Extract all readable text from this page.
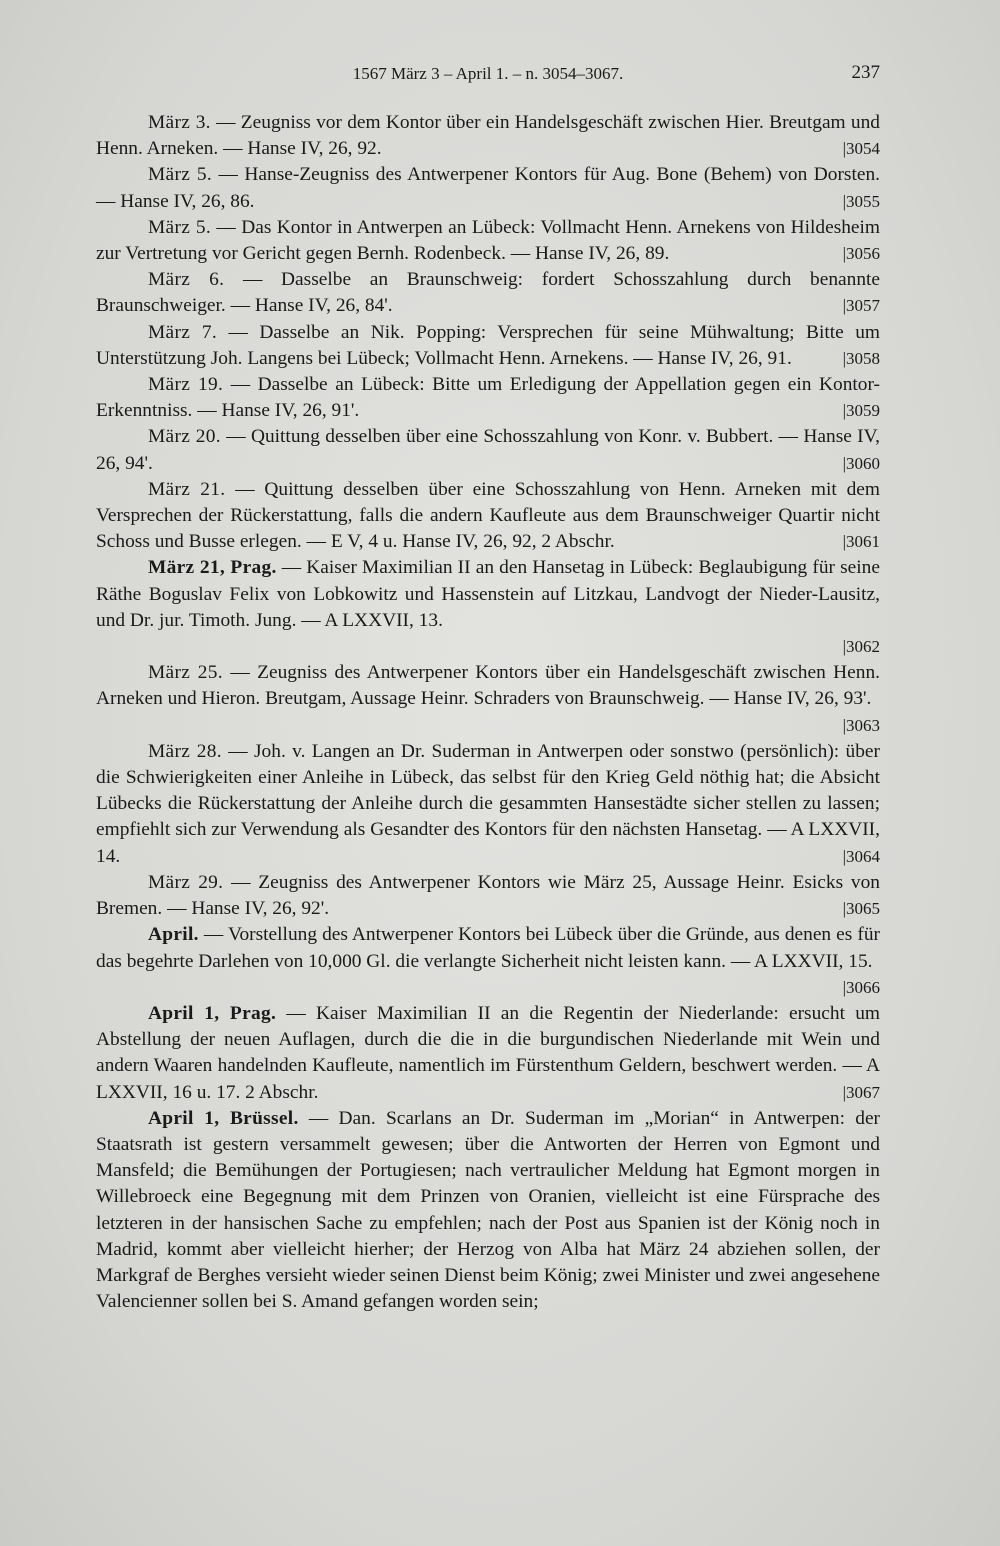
1567 März 3 – April 1. – n. 3054–3067.	237

März 3. — Zeugniss vor dem Kontor über ein Handelsgeschäft zwischen Hier. Breutgam und Henn. Arneken. — Hanse IV, 26, 92.	|3054

März 5. — Hanse-Zeugniss des Antwerpener Kontors für Aug. Bone (Behem) von Dorsten. — Hanse IV, 26, 86.	|3055

März 5. — Das Kontor in Antwerpen an Lübeck: Vollmacht Henn. Arnekens von Hildesheim zur Vertretung vor Gericht gegen Bernh. Rodenbeck. — Hanse IV, 26, 89.	|3056

März 6. — Dasselbe an Braunschweig: fordert Schosszahlung durch benannte Braunschweiger. — Hanse IV, 26, 84'.	|3057

März 7. — Dasselbe an Nik. Popping: Versprechen für seine Mühwaltung; Bitte um Unterstützung Joh. Langens bei Lübeck; Vollmacht Henn. Arnekens. — Hanse IV, 26, 91.	|3058

März 19. — Dasselbe an Lübeck: Bitte um Erledigung der Appellation gegen ein Kontor-Erkenntniss. — Hanse IV, 26, 91'.	|3059

März 20. — Quittung desselben über eine Schosszahlung von Konr. v. Bubbert. — Hanse IV, 26, 94'.	|3060

März 21. — Quittung desselben über eine Schosszahlung von Henn. Arneken mit dem Versprechen der Rückerstattung, falls die andern Kaufleute aus dem Braunschweiger Quartir nicht Schoss und Busse erlegen. — E V, 4 u. Hanse IV, 26, 92, 2 Abschr.	|3061

März 21, Prag. — Kaiser Maximilian II an den Hansetag in Lübeck: Beglaubigung für seine Räthe Boguslav Felix von Lobkowitz und Hassenstein auf Litzkau, Landvogt der Nieder-Lausitz, und Dr. jur. Timoth. Jung. — A LXXVII, 13.
|3062

März 25. — Zeugniss des Antwerpener Kontors über ein Handelsgeschäft zwischen Henn. Arneken und Hieron. Breutgam, Aussage Heinr. Schraders von Braunschweig. — Hanse IV, 26, 93'.
|3063

März 28. — Joh. v. Langen an Dr. Suderman in Antwerpen oder sonstwo (persönlich): über die Schwierigkeiten einer Anleihe in Lübeck, das selbst für den Krieg Geld nöthig hat; die Absicht Lübecks die Rückerstattung der Anleihe durch die gesammten Hansestädte sicher stellen zu lassen; empfiehlt sich zur Verwendung als Gesandter des Kontors für den nächsten Hansetag. — A LXXVII, 14.	|3064

März 29. — Zeugniss des Antwerpener Kontors wie März 25, Aussage Heinr. Esicks von Bremen. — Hanse IV, 26, 92'.	|3065

April. — Vorstellung des Antwerpener Kontors bei Lübeck über die Gründe, aus denen es für das begehrte Darlehen von 10,000 Gl. die verlangte Sicherheit nicht leisten kann. — A LXXVII, 15.
|3066

April 1, Prag. — Kaiser Maximilian II an die Regentin der Niederlande: ersucht um Abstellung der neuen Auflagen, durch die die in die burgundischen Niederlande mit Wein und andern Waaren handelnden Kaufleute, namentlich im Fürstenthum Geldern, beschwert werden. — A LXXVII, 16 u. 17. 2 Abschr.	|3067

April 1, Brüssel. — Dan. Scarlans an Dr. Suderman im „Morian“ in Antwerpen: der Staatsrath ist gestern versammelt gewesen; über die Antworten der Herren von Egmont und Mansfeld; die Bemühungen der Portugiesen; nach vertraulicher Meldung hat Egmont morgen in Willebroeck eine Begegnung mit dem Prinzen von Oranien, vielleicht ist eine Fürsprache des letzteren in der hansischen Sache zu empfehlen; nach der Post aus Spanien ist der König noch in Madrid, kommt aber vielleicht hierher; der Herzog von Alba hat März 24 abziehen sollen, der Markgraf de Berghes versieht wieder seinen Dienst beim König; zwei Minister und zwei angesehene Valencienner sollen bei S. Amand gefangen worden sein;
